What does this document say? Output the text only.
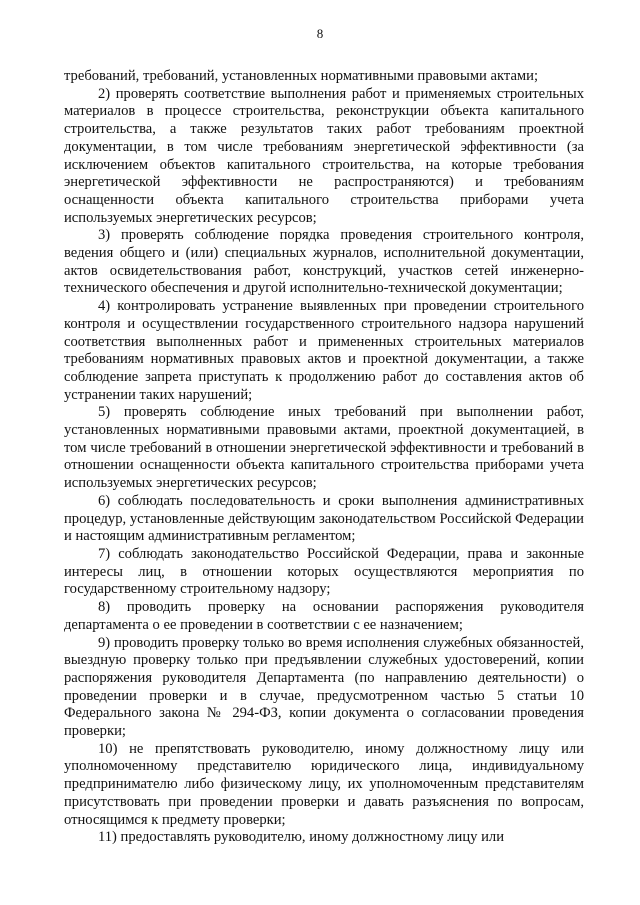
8

требований, требований, установленных нормативными правовыми актами;

2) проверять соответствие выполнения работ и применяемых строительных материалов в процессе строительства, реконструкции объекта капитального строительства, а также результатов таких работ требованиям проектной документации, в том числе требованиям энергетической эффективности (за исключением объектов капитального строительства, на которые требования энергетической эффективности не распространяются) и требованиям оснащенности объекта капитального строительства приборами учета используемых энергетических ресурсов;

3) проверять соблюдение порядка проведения строительного контроля, ведения общего и (или) специальных журналов, исполнительной документации, актов освидетельствования работ, конструкций, участков сетей инженерно-технического обеспечения и другой исполнительно-технической документации;

4) контролировать устранение выявленных при проведении строительного контроля и осуществлении государственного строительного надзора нарушений соответствия выполненных работ и примененных строительных материалов требованиям нормативных правовых актов и проектной документации, а также соблюдение запрета приступать к продолжению работ до составления актов об устранении таких нарушений;

5) проверять соблюдение иных требований при выполнении работ, установленных нормативными правовыми актами, проектной документацией, в том числе требований в отношении энергетической эффективности и требований в отношении оснащенности объекта капитального строительства приборами учета используемых энергетических ресурсов;

6) соблюдать последовательность и сроки выполнения административных процедур, установленные действующим законодательством Российской Федерации и настоящим административным регламентом;

7) соблюдать законодательство Российской Федерации, права и законные интересы лиц, в отношении которых осуществляются мероприятия по государственному строительному надзору;

8) проводить проверку на основании распоряжения руководителя департамента о ее проведении в соответствии с ее назначением;

9) проводить проверку только во время исполнения служебных обязанностей, выездную проверку только при предъявлении служебных удостоверений, копии распоряжения руководителя Департамента (по направлению деятельности) о проведении проверки и в случае, предусмотренном частью 5 статьи 10 Федерального закона № 294-ФЗ, копии документа о согласовании проведения проверки;

10) не препятствовать руководителю, иному должностному лицу или уполномоченному представителю юридического лица, индивидуальному предпринимателю либо физическому лицу, их уполномоченным представителям присутствовать при проведении проверки и давать разъяснения по вопросам, относящимся к предмету проверки;

11) предоставлять руководителю, иному должностному лицу или
